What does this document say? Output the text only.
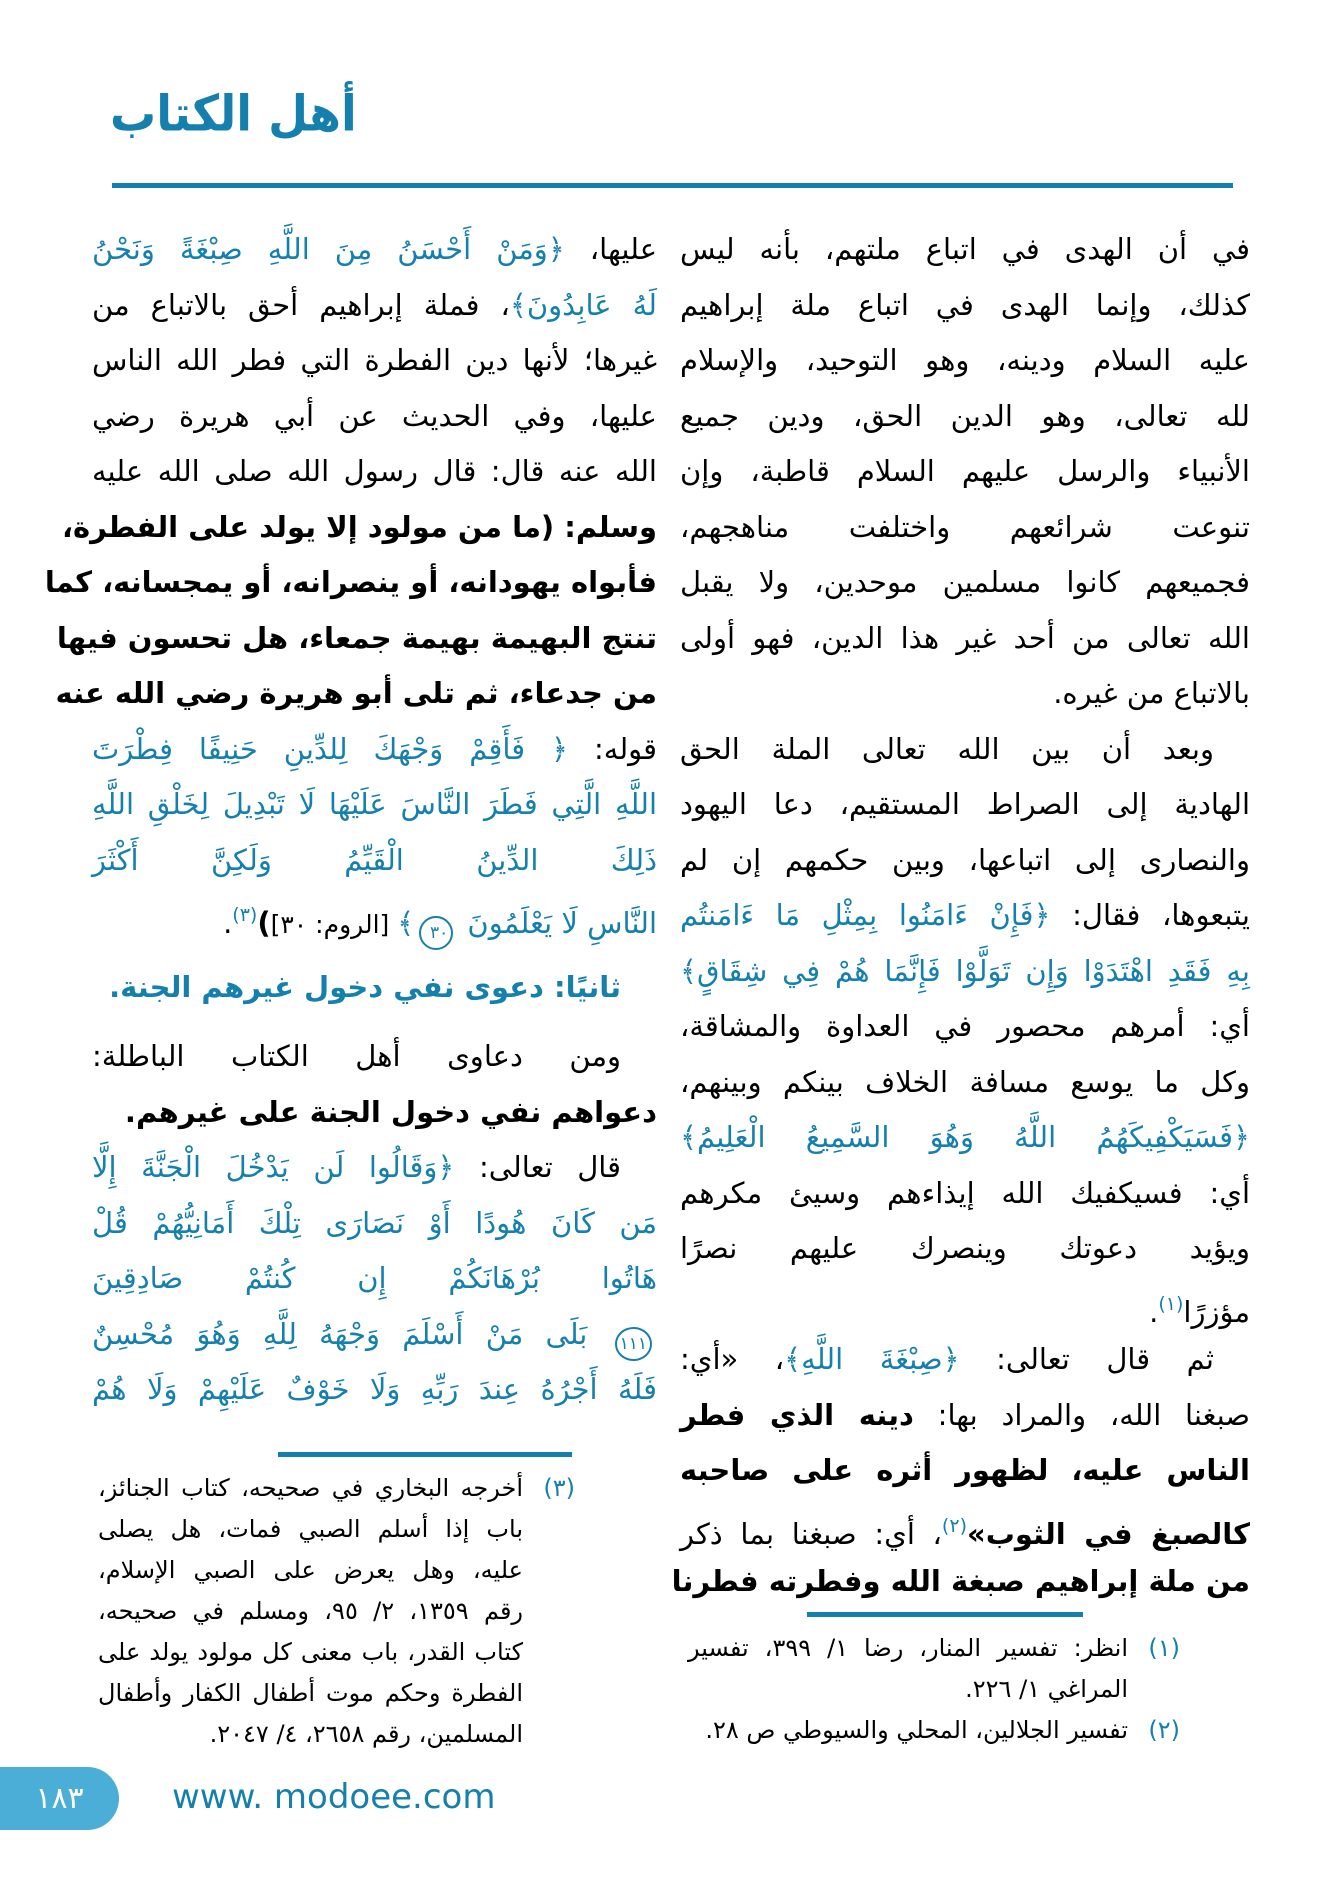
أهل الكتاب
في أن الهدى في اتباع ملتهم، بأنه ليس
كذلك، وإنما الهدى في اتباع ملة إبراهيم
عليه السلام ودينه، وهو التوحيد، والإسلام
لله تعالى، وهو الدين الحق، ودين جميع
الأنبياء والرسل عليهم السلام قاطبة، وإن
تنوعت شرائعهم واختلفت مناهجهم،
فجميعهم كانوا مسلمين موحدين، ولا يقبل
الله تعالى من أحد غير هذا الدين، فهو أولى
بالاتباع من غيره.
وبعد أن بين الله تعالى الملة الحق
الهادية إلى الصراط المستقيم، دعا اليهود
والنصارى إلى اتباعها، وبين حكمهم إن لم
يتبعوها، فقال: ﴿فَإِنْ ءَامَنُوا بِمِثْلِ مَا ءَامَنتُم
بِهِ فَقَدِ اهْتَدَوْا وَإِن تَوَلَّوْا فَإِنَّمَا هُمْ فِي شِقَاقٍ﴾
أي: أمرهم محصور في العداوة والمشاقة،
وكل ما يوسع مسافة الخلاف بينكم وبينهم،
﴿فَسَيَكْفِيكَهُمُ اللَّهُ وَهُوَ السَّمِيعُ الْعَلِيمُ﴾
أي: فسيكفيك الله إيذاءهم وسيئ مكرهم
ويؤيد دعوتك وينصرك عليهم نصرًا
مؤزرًا$^{(١)}$.
ثم قال تعالى: ﴿صِبْغَةَ اللَّهِ﴾، «أي:
صبغنا الله، والمراد بها: دينه الذي فطر
الناس عليه، لظهور أثره على صاحبه
كالصبغ في الثوب»$^{(٢)}$، أي: صبغنا بما ذكر
من ملة إبراهيم صبغة الله وفطرته فطرنا
عليها، ﴿وَمَنْ أَحْسَنُ مِنَ اللَّهِ صِبْغَةً وَنَحْنُ
لَهُ عَابِدُونَ﴾، فملة إبراهيم أحق بالاتباع من
غيرها؛ لأنها دين الفطرة التي فطر الله الناس
عليها، وفي الحديث عن أبي هريرة رضي
الله عنه قال: قال رسول الله صلى الله عليه
وسلم: (ما من مولود إلا يولد على الفطرة،
فأبواه يهودانه، أو ينصرانه، أو يمجسانه، كما
تنتج البهيمة بهيمة جمعاء، هل تحسون فيها
من جدعاء، ثم تلى أبو هريرة رضي الله عنه
قوله: ﴿ فَأَقِمْ وَجْهَكَ لِلدِّينِ حَنِيفًا فِطْرَتَ
اللَّهِ الَّتِي فَطَرَ النَّاسَ عَلَيْهَا لَا تَبْدِيلَ لِخَلْقِ اللَّهِ
ذَلِكَ الدِّينُ الْقَيِّمُ وَلَكِنَّ أَكْثَرَ
النَّاسِ لَا يَعْلَمُونَ ٣٠﴾ [الروم: ٣٠])$^{(٣)}$.
ثانيًا: دعوى نفي دخول غيرهم الجنة.
ومن دعاوى أهل الكتاب الباطلة:
دعواهم نفي دخول الجنة على غيرهم.
قال تعالى: ﴿وَقَالُوا لَن يَدْخُلَ الْجَنَّةَ إِلَّا
مَن كَانَ هُودًا أَوْ نَصَارَى تِلْكَ أَمَانِيُّهُمْ قُلْ
هَاتُوا بُرْهَانَكُمْ إِن كُنتُمْ صَادِقِينَ
١١١ بَلَى مَنْ أَسْلَمَ وَجْهَهُ لِلَّهِ وَهُوَ مُحْسِنٌ
فَلَهُ أَجْرُهُ عِندَ رَبِّهِ وَلَا خَوْفٌ عَلَيْهِمْ وَلَا هُمْ
(١)
انظر: تفسير المنار، رضا ١/ ٣٩٩، تفسير
المراغي ١/ ٢٢٦.
(٢)
تفسير الجلالين، المحلي والسيوطي ص ٢٨.
(٣)
أخرجه البخاري في صحيحه، كتاب الجنائز،
باب إذا أسلم الصبي فمات، هل يصلى
عليه، وهل يعرض على الصبي الإسلام،
رقم ١٣٥٩، ٢/ ٩٥، ومسلم في صحيحه،
كتاب القدر، باب معنى كل مولود يولد على
الفطرة وحكم موت أطفال الكفار وأطفال
المسلمين، رقم ٢٦٥٨، ٤/ ٢٠٤٧.
١٨٣	www. modoee.com
